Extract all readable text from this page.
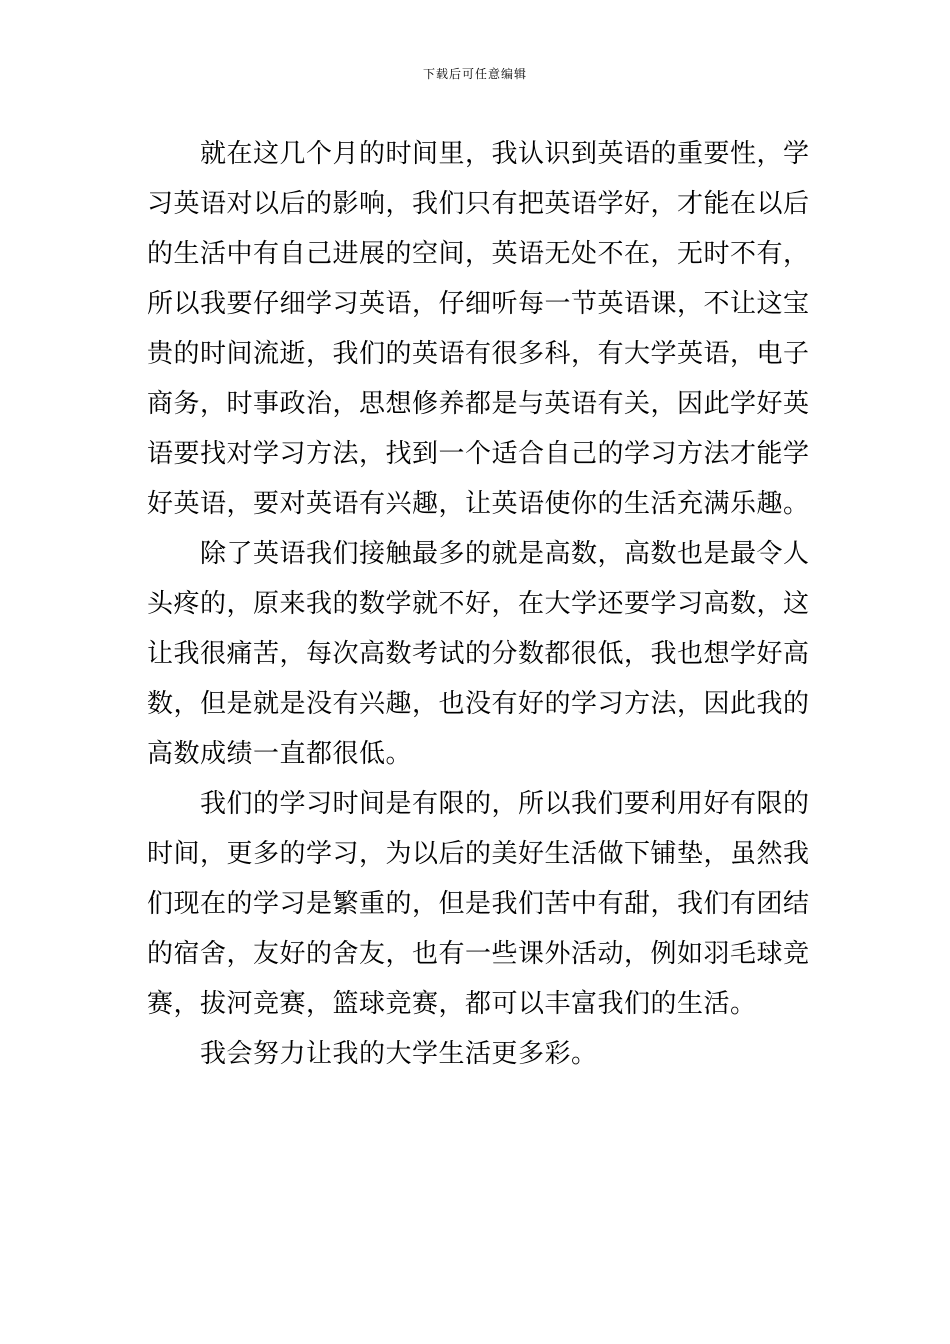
下载后可任意编辑
就在这几个月的时间里，我认识到英语的重要性，学
习英语对以后的影响，我们只有把英语学好，才能在以后
的生活中有自己进展的空间，英语无处不在，无时不有，
所以我要仔细学习英语，仔细听每一节英语课，不让这宝
贵的时间流逝，我们的英语有很多科，有大学英语，电子
商务，时事政治，思想修养都是与英语有关，因此学好英
语要找对学习方法，找到一个适合自己的学习方法才能学
好英语，要对英语有兴趣，让英语使你的生活充满乐趣。
除了英语我们接触最多的就是高数，高数也是最令人
头疼的，原来我的数学就不好，在大学还要学习高数，这
让我很痛苦，每次高数考试的分数都很低，我也想学好高
数，但是就是没有兴趣，也没有好的学习方法，因此我的
高数成绩一直都很低。
我们的学习时间是有限的，所以我们要利用好有限的
时间，更多的学习，为以后的美好生活做下铺垫，虽然我
们现在的学习是繁重的，但是我们苦中有甜，我们有团结
的宿舍，友好的舍友，也有一些课外活动，例如羽毛球竞
赛，拔河竞赛，篮球竞赛，都可以丰富我们的生活。
我会努力让我的大学生活更多彩。
